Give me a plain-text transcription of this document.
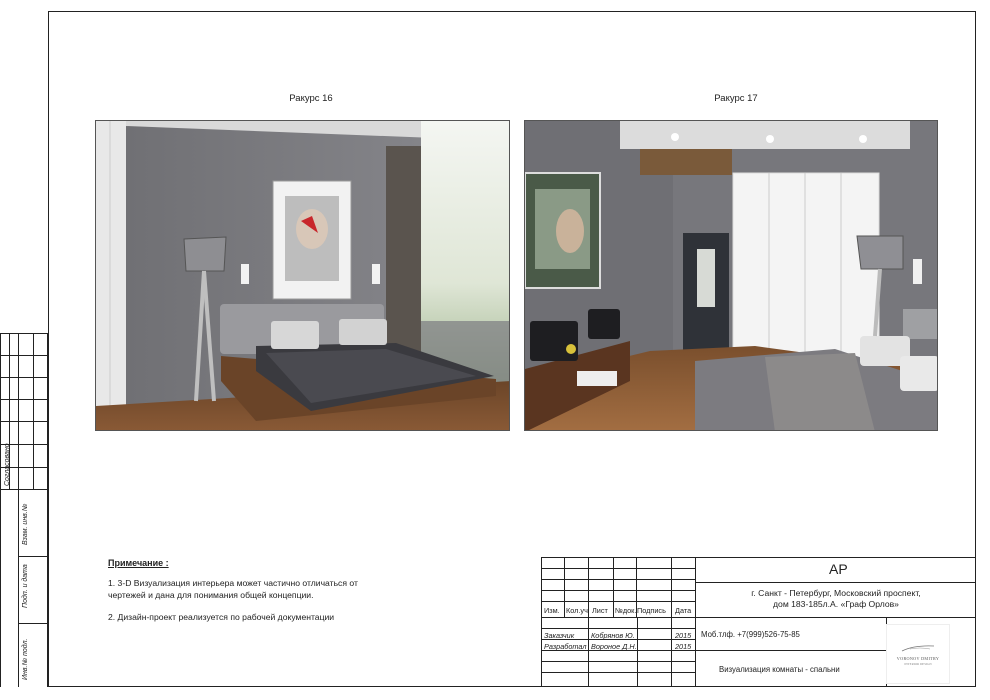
Ракурс 16	Ракурс 17
Согласовано
Взам. инв.№
Подп. и дата
Инв.№ подл.
Примечание :
1. 3-D Визуализация интерьера может частично отличаться от
чертежей и дана для понимания общей концепции.
2. Дизайн-проект реализуется по рабочей документации
Изм. Кол.уч Лист №док. Подпись Дата
Заказчик Кобрянов Ю.	2015
Разработал Вороное Д.Н.	2015
АР
г. Санкт - Петербург, Московский проспект,
дом 183-185л.А. «Граф Орлов»
Моб.тлф. +7(999)526-75-85
Визуализация комнаты - спальни
VORONOV DMITRY
INTERIOR DESIGN
